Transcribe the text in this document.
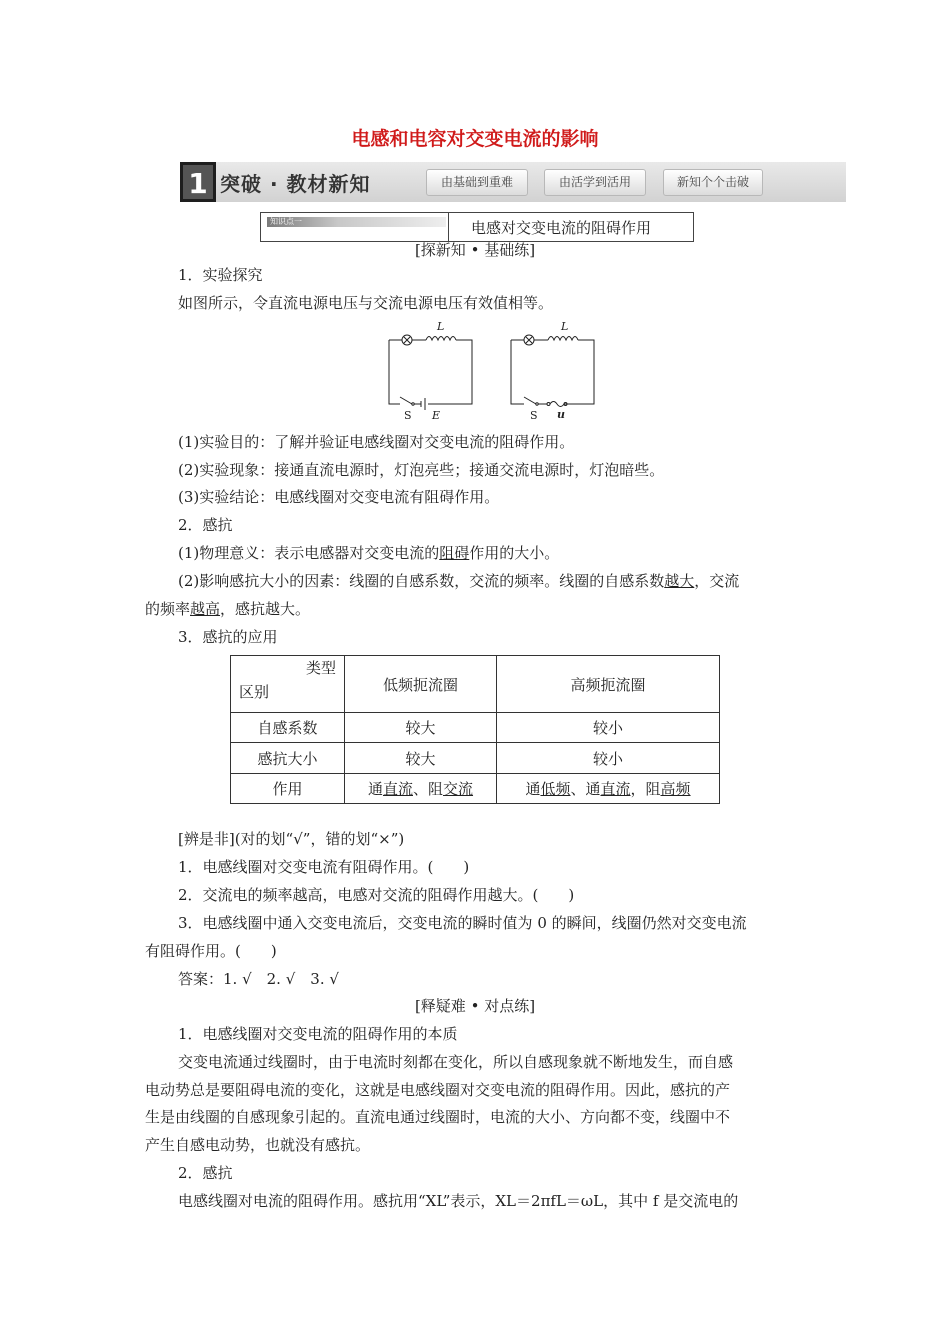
电感和电容对交变电流的影响
1 突破 · 教材新知	由基础到重难	由活学到活用	新知个个击破
知识点一	电感对交变电流的阻碍作用
[探新知 • 基础练]
1．实验探究
如图所示，令直流电源电压与交流电源电压有效值相等。
L	L
S E	S u
(1)实验目的：了解并验证电感线圈对交变电流的阻碍作用。
(2)实验现象：接通直流电源时，灯泡亮些；接通交流电源时，灯泡暗些。
(3)实验结论：电感线圈对交变电流有阻碍作用。
2．感抗
(1)物理意义：表示电感器对交变电流的阻碍作用的大小。
(2)影响感抗大小的因素：线圈的自感系数，交流的频率。线圈的自感系数越大，交流
的频率越高，感抗越大。
3．感抗的应用
类型
区别	低频扼流圈	高频扼流圈
自感系数	较大	较小
感抗大小	较大	较小
作用	通直流、阻交流	通低频、通直流，阻高频
[辨是非](对的划“√”，错的划“×”)
1．电感线圈对交变电流有阻碍作用。(　　)
2．交流电的频率越高，电感对交流的阻碍作用越大。(　　)
3．电感线圈中通入交变电流后，交变电流的瞬时值为 0 的瞬间，线圈仍然对交变电流
有阻碍作用。(　　)
答案：1. √　2. √　3. √
[释疑难 • 对点练]
1．电感线圈对交变电流的阻碍作用的本质
交变电流通过线圈时，由于电流时刻都在变化，所以自感现象就不断地发生，而自感
电动势总是要阻碍电流的变化，这就是电感线圈对交变电流的阻碍作用。因此，感抗的产
生是由线圈的自感现象引起的。直流电通过线圈时，电流的大小、方向都不变，线圈中不
产生自感电动势，也就没有感抗。
2．感抗
电感线圈对电流的阻碍作用。感抗用“XL”表示，XL＝2πfL＝ωL，其中 f 是交流电的
